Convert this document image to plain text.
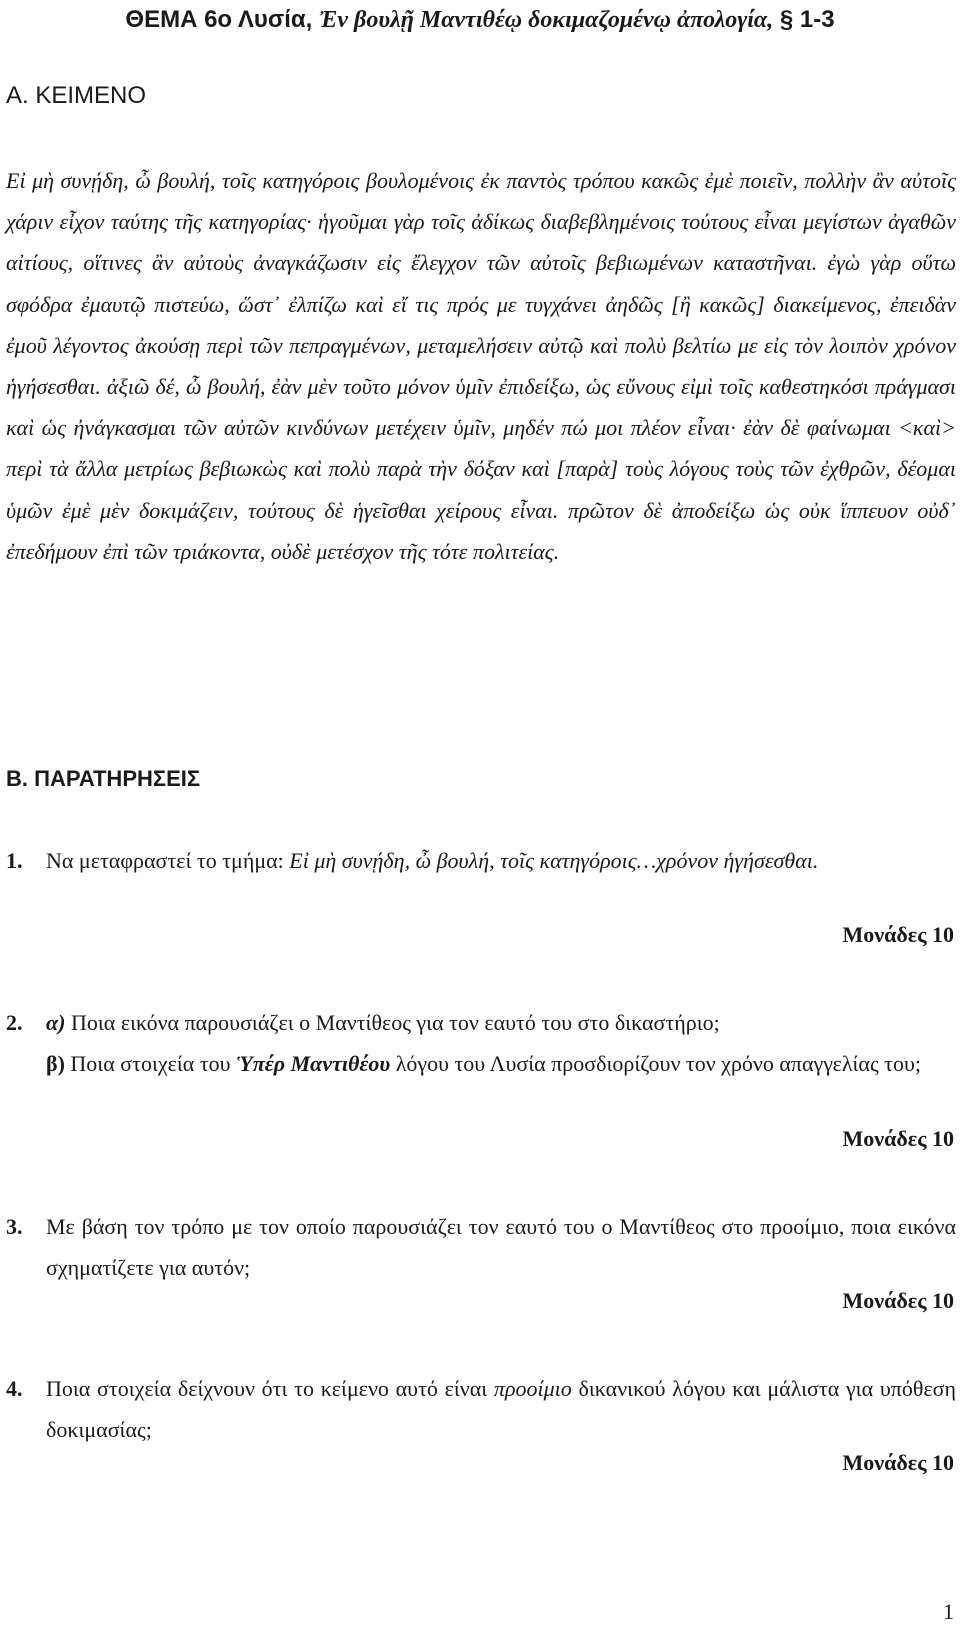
ΘΕΜΑ 6ο Λυσία, Ἐν βουλῇ Μαντιθέῳ δοκιμαζομένῳ ἀπολογία, § 1-3
Α. ΚΕΙΜΕΝΟ

Εἰ μὴ συνῄδη, ὦ βουλή, τοῖς κατηγόροις βουλομένοις ἐκ παντὸς τρόπου κακῶς ἐμὲ ποιεῖν, πολλὴν ἂν αὐτοῖς χάριν εἶχον ταύτης τῆς κατηγορίας· ἡγοῦμαι γὰρ τοῖς ἀδίκως διαβεβλημένοις τούτους εἶναι μεγίστων ἀγαθῶν αἰτίους, οἵτινες ἂν αὐτοὺς ἀναγκάζωσιν εἰς ἔλεγχον τῶν αὐτοῖς βεβιωμένων καταστῆναι. ἐγὼ γὰρ οὕτω σφόδρα ἐμαυτῷ πιστεύω, ὥστ᾿ ἐλπίζω καὶ εἴ τις πρός με τυγχάνει ἀηδῶς [ἢ κακῶς] διακείμενος, ἐπειδὰν ἐμοῦ λέγοντος ἀκούσῃ περὶ τῶν πεπραγμένων, μεταμελήσειν αὐτῷ καὶ πολὺ βελτίω με εἰς τὸν λοιπὸν χρόνον ἡγήσεσθαι. ἀξιῶ δέ, ὦ βουλή, ἐὰν μὲν τοῦτο μόνον ὑμῖν ἐπιδείξω, ὡς εὔνους εἰμὶ τοῖς καθεστηκόσι πράγμασι καὶ ὡς ἠνάγκασμαι τῶν αὐτῶν κινδύνων μετέχειν ὑμῖν, μηδέν πώ μοι πλέον εἶναι· ἐὰν δὲ φαίνωμαι <καὶ> περὶ τὰ ἄλλα μετρίως βεβιωκὼς καὶ πολὺ παρὰ τὴν δόξαν καὶ [παρὰ] τοὺς λόγους τοὺς τῶν ἐχθρῶν, δέομαι ὑμῶν ἐμὲ μὲν δοκιμάζειν, τούτους δὲ ἡγεῖσθαι χείρους εἶναι. πρῶτον δὲ ἀποδείξω ὡς οὐκ ἵππευον οὐδ᾿ ἐπεδήμουν ἐπὶ τῶν τριάκοντα, οὐδὲ μετέσχον τῆς τότε πολιτείας.

Β. ΠΑΡΑΤΗΡΗΣΕΙΣ
1.	Να μεταφραστεί το τμήμα: Εἰ μὴ συνῄδη, ὦ βουλή, τοῖς κατηγόροις…χρόνον ἡγήσεσθαι.
Μονάδες 10
2.	α) Ποια εικόνα παρουσιάζει ο Μαντίθεος για τον εαυτό του στο δικαστήριο;
β) Ποια στοιχεία του Ὑπέρ Μαντιθέου λόγου του Λυσία προσδιορίζουν τον χρόνο απαγγελίας του;
Μονάδες 10
3.	Με βάση τον τρόπο με τον οποίο παρουσιάζει τον εαυτό του ο Μαντίθεος στο προοίμιο, ποια εικόνα σχηματίζετε για αυτόν;
Μονάδες 10
4.	Ποια στοιχεία δείχνουν ότι το κείμενο αυτό είναι προοίμιο δικανικού λόγου και μάλιστα για υπόθεση δοκιμασίας;
Μονάδες 10
1
